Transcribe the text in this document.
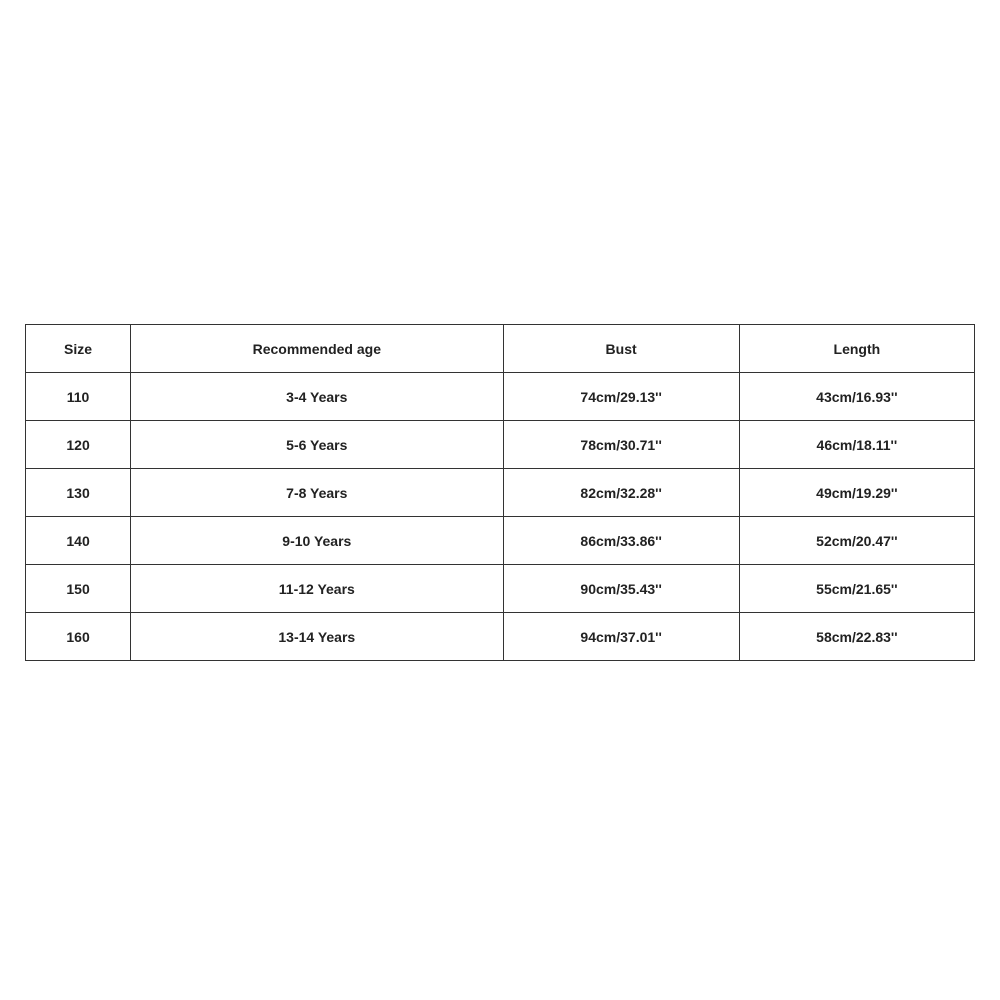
Size	Recommended age	Bust	Length
110	3-4 Years	74cm/29.13''	43cm/16.93''
120	5-6 Years	78cm/30.71''	46cm/18.11''
130	7-8 Years	82cm/32.28''	49cm/19.29''
140	9-10 Years	86cm/33.86''	52cm/20.47''
150	11-12 Years	90cm/35.43''	55cm/21.65''
160	13-14 Years	94cm/37.01''	58cm/22.83''
